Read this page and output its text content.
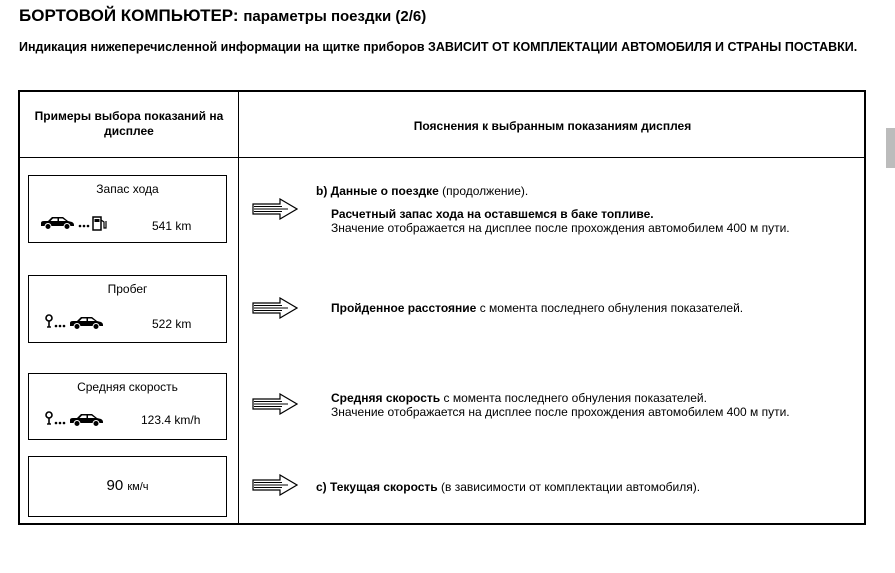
БОРТОВОЙ КОМПЬЮТЕР: параметры поездки (2/6)
Индикация нижеперечисленной информации на щитке приборов ЗАВИСИТ ОТ КОМПЛЕКТАЦИИ АВТОМОБИЛЯ И СТРАНЫ ПОСТАВКИ.
Примеры выбора показаний на дисплее	Пояснения к выбранным показаниям дисплея
Запас хода
541 km
b) Данные о поездке (продолжение).
Расчетный запас хода на оставшемся в баке топливе.
Значение отображается на дисплее после прохождения автомобилем 400 м пути.
Пробег
522 km
Пройденное расстояние с момента последнего обнуления показателей.
Средняя скорость
123.4 km/h
Средняя скорость с момента последнего обнуления показателей.
Значение отображается на дисплее после прохождения автомобилем 400 м пути.
90 км/ч	c) Текущая скорость (в зависимости от комплектации автомобиля).
